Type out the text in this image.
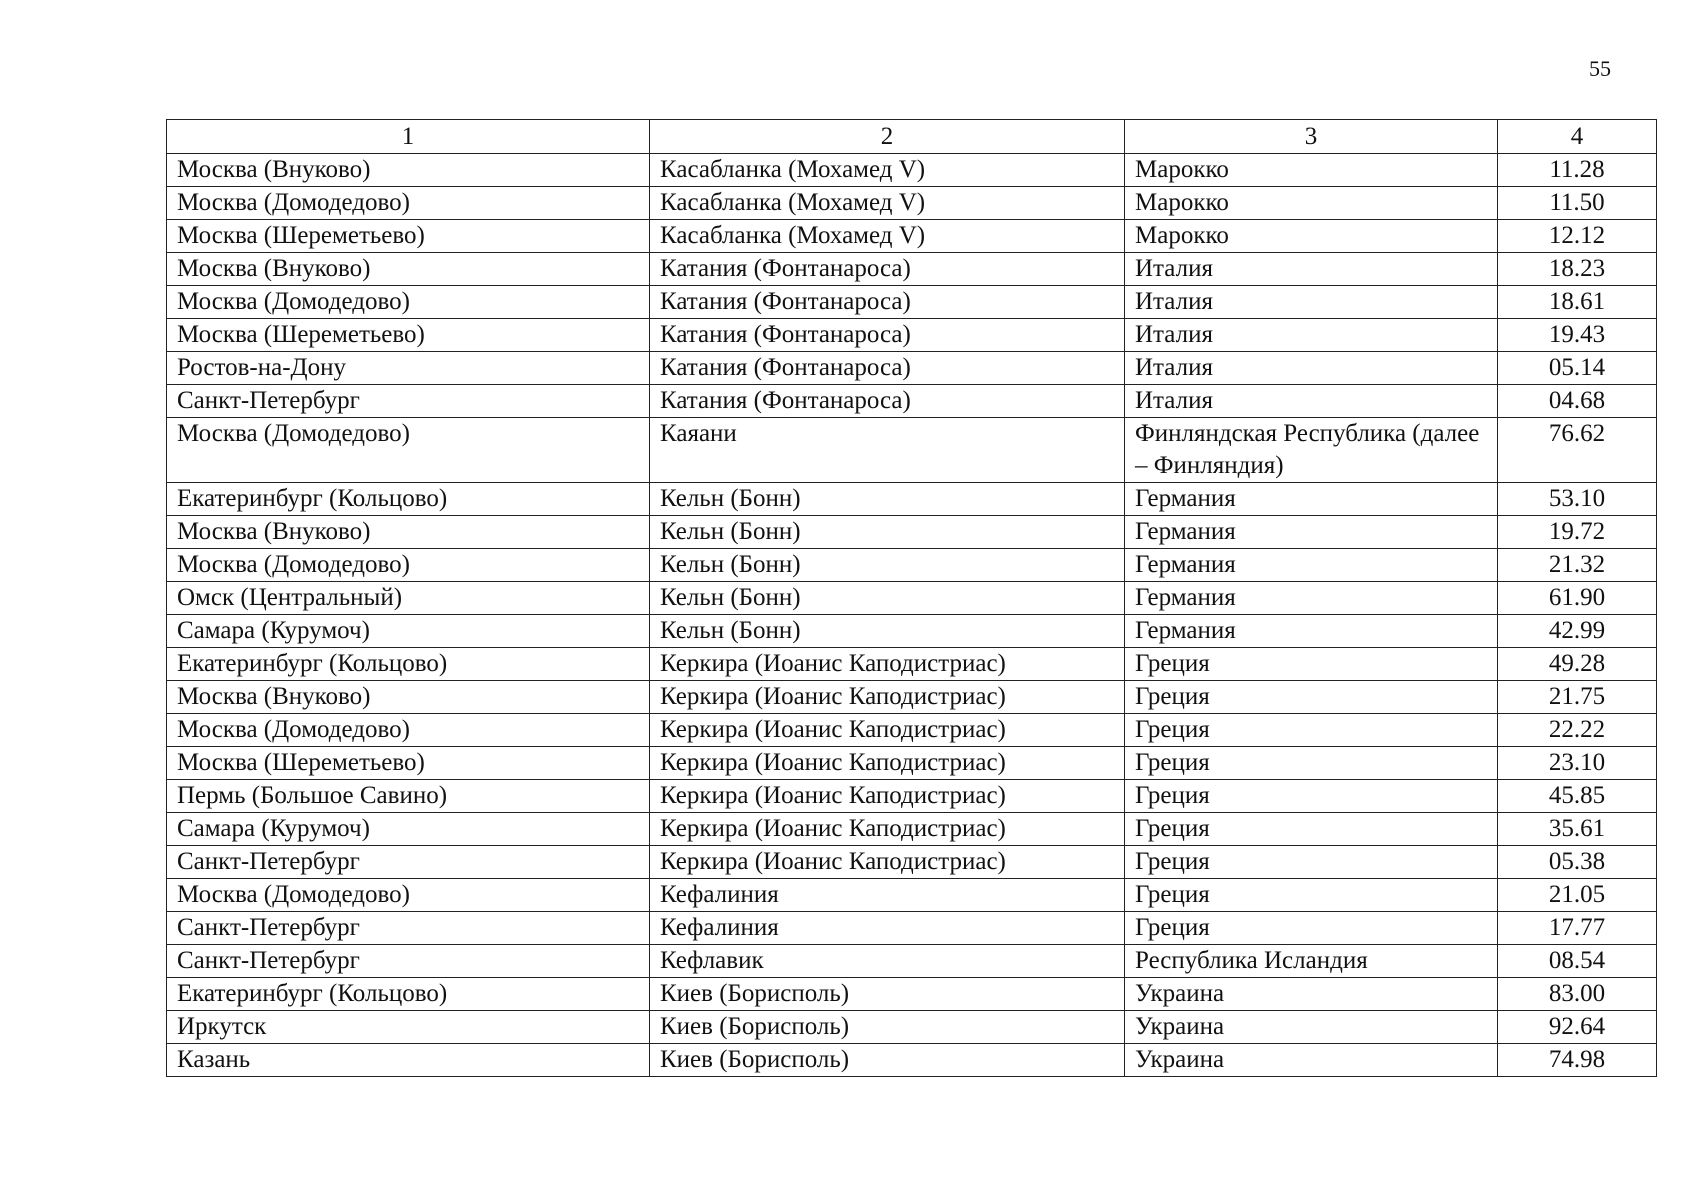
55
1	2	3	4
Москва (Внуково)	Касабланка (Мохамед V)	Марокко	11.28
Москва (Домодедово)	Касабланка (Мохамед V)	Марокко	11.50
Москва (Шереметьево)	Касабланка (Мохамед V)	Марокко	12.12
Москва (Внуково)	Катания (Фонтанароса)	Италия	18.23
Москва (Домодедово)	Катания (Фонтанароса)	Италия	18.61
Москва (Шереметьево)	Катания (Фонтанароса)	Италия	19.43
Ростов-на-Дону	Катания (Фонтанароса)	Италия	05.14
Санкт-Петербург	Катания (Фонтанароса)	Италия	04.68
Москва (Домодедово)	Каяани	Финляндская Республика (далее – Финляндия)	76.62
Екатеринбург (Кольцово)	Кельн (Бонн)	Германия	53.10
Москва (Внуково)	Кельн (Бонн)	Германия	19.72
Москва (Домодедово)	Кельн (Бонн)	Германия	21.32
Омск (Центральный)	Кельн (Бонн)	Германия	61.90
Самара (Курумоч)	Кельн (Бонн)	Германия	42.99
Екатеринбург (Кольцово)	Керкира (Иоанис Каподистриас)	Греция	49.28
Москва (Внуково)	Керкира (Иоанис Каподистриас)	Греция	21.75
Москва (Домодедово)	Керкира (Иоанис Каподистриас)	Греция	22.22
Москва (Шереметьево)	Керкира (Иоанис Каподистриас)	Греция	23.10
Пермь (Большое Савино)	Керкира (Иоанис Каподистриас)	Греция	45.85
Самара (Курумоч)	Керкира (Иоанис Каподистриас)	Греция	35.61
Санкт-Петербург	Керкира (Иоанис Каподистриас)	Греция	05.38
Москва (Домодедово)	Кефалиния	Греция	21.05
Санкт-Петербург	Кефалиния	Греция	17.77
Санкт-Петербург	Кефлавик	Республика Исландия	08.54
Екатеринбург (Кольцово)	Киев (Борисполь)	Украина	83.00
Иркутск	Киев (Борисполь)	Украина	92.64
Казань	Киев (Борисполь)	Украина	74.98
